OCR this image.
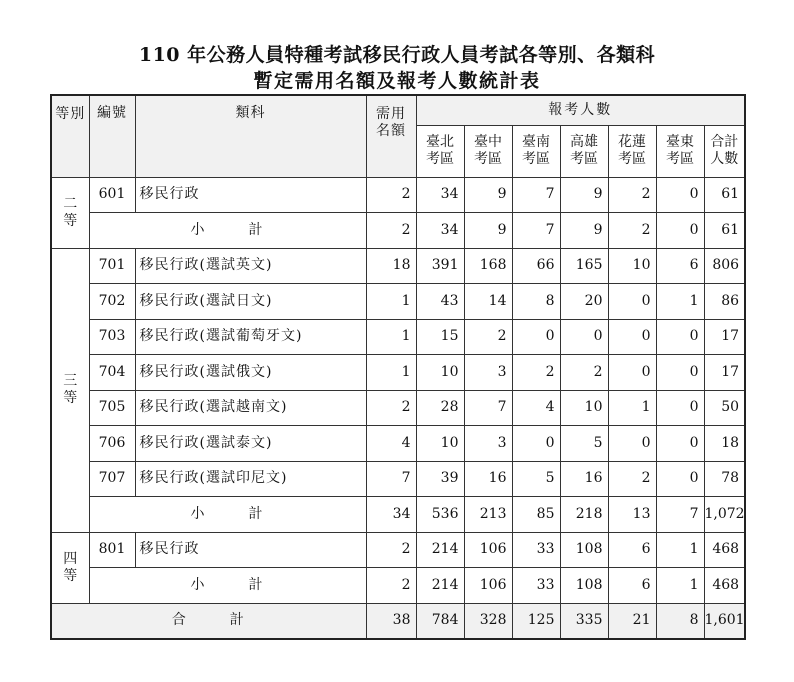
110 年公務人員特種考試移民行政人員考試各等別、各類科
暫定需用名額及報考人數統計表
等別	編號	類科	需用名額	報考人數						

				臺北考區	臺中考區	臺南考區	高雄考區	花蓮考區	臺東考區	合計人數

二等	601	移民行政	2	34	9	7	9	2	0	61
	小 計		2	34	9	7	9	2	0	61

三等	701	移民行政(選試英文)	18	391	168	66	165	10	6	806
	702	移民行政(選試日文)	1	43	14	8	20	0	1	86
	703	移民行政(選試葡萄牙文)	1	15	2	0	0	0	0	17
	704	移民行政(選試俄文)	1	10	3	2	2	0	0	17
	705	移民行政(選試越南文)	2	28	7	4	10	1	0	50
	706	移民行政(選試泰文)	4	10	3	0	5	0	0	18
	707	移民行政(選試印尼文)	7	39	16	5	16	2	0	78
	小 計		34	536	213	85	218	13	7	1,072

四等	801	移民行政	2	214	106	33	108	6	1	468
	小 計		2	214	106	33	108	6	1	468
合 計			38	784	328	125	335	21	8	1,601
